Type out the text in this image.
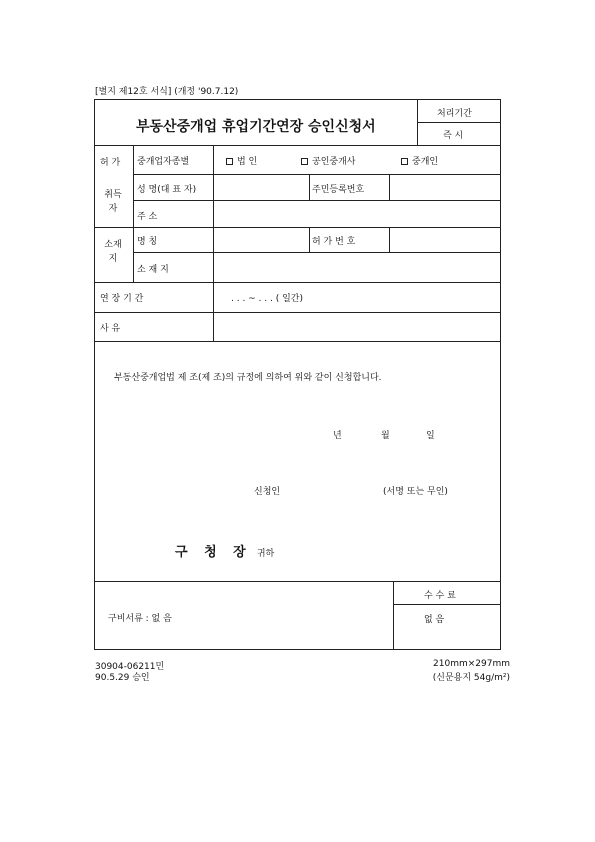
[별지 제12호 서식] (개정 '90.7.12)
부동산중개업 휴업기간연장 승인신청서
처리기간
즉 시
허 가
취득자
소재지
중개업자종별	법 인	공인중개사	중개인
성 명(대 표 자)	주민등록번호
주 소
명 칭	허 가 번 호
소 재 지
연 장 기 간	. . . ~ . . . ( 일간)
사 유
부동산중개업법 제 조(제 조)의 규정에 의하여 위와 같이 신청합니다.
년	월	일
신청인	(서명 또는 무인)
구 청 장 귀하
구비서류 : 없 음
수 수 료
없 음
30904-06211민
90.5.29 승인
210mm×297mm
(신문용지 54g/m²)
